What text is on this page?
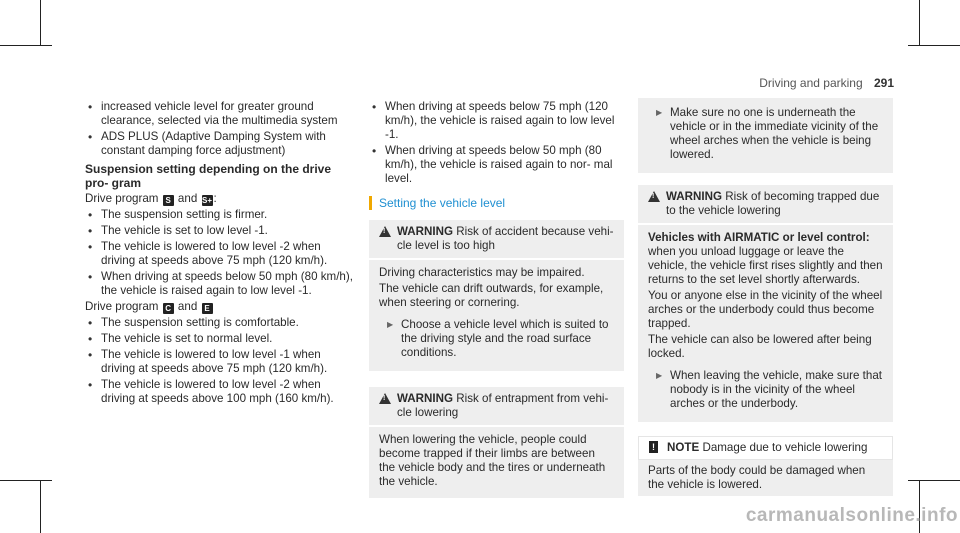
Driving and parking 291
• increased vehicle level for greater ground clearance, selected via the multimedia system
• ADS PLUS (Adaptive Damping System with constant damping force adjustment)
Suspension setting depending on the drive pro- gram
Drive program S and S+ :
• The suspension setting is firmer.
• The vehicle is set to low level -1.
• The vehicle is lowered to low level -2 when driving at speeds above 75 mph (120 km/h).
• When driving at speeds below 50 mph (80 km/h), the vehicle is raised again to low level -1.
Drive program C and E
• The suspension setting is comfortable.
• The vehicle is set to normal level.
• The vehicle is lowered to low level -1 when driving at speeds above 75 mph (120 km/h).
• The vehicle is lowered to low level -2 when driving at speeds above 100 mph (160 km/h).
• When driving at speeds below 75 mph (120 km/h), the vehicle is raised again to low level -1.
• When driving at speeds below 50 mph (80 km/h), the vehicle is raised again to nor- mal level.
Setting the vehicle level
!
WARNING Risk of accident because vehi- cle level is too high
Driving characteristics may be impaired.
The vehicle can drift outwards, for example, when steering or cornering.
▶ Choose a vehicle level which is suited to the driving style and the road surface conditions.
!
WARNING Risk of entrapment from vehi- cle lowering
When lowering the vehicle, people could become trapped if their limbs are between the vehicle body and the tires or underneath the vehicle.
▶ Make sure no one is underneath the vehicle or in the immediate vicinity of the wheel arches when the vehicle is being lowered.
!
WARNING Risk of becoming trapped due to the vehicle lowering
Vehicles with AIRMATIC or level control: when you unload luggage or leave the vehicle, the vehicle first rises slightly and then returns to the set level shortly afterwards.
You or anyone else in the vicinity of the wheel arches or the underbody could thus become trapped.
The vehicle can also be lowered after being locked.
▶ When leaving the vehicle, make sure that nobody is in the vicinity of the wheel arches or the underbody.
! NOTE Damage due to vehicle lowering
Parts of the body could be damaged when the vehicle is lowered.
carmanualsonline.info
